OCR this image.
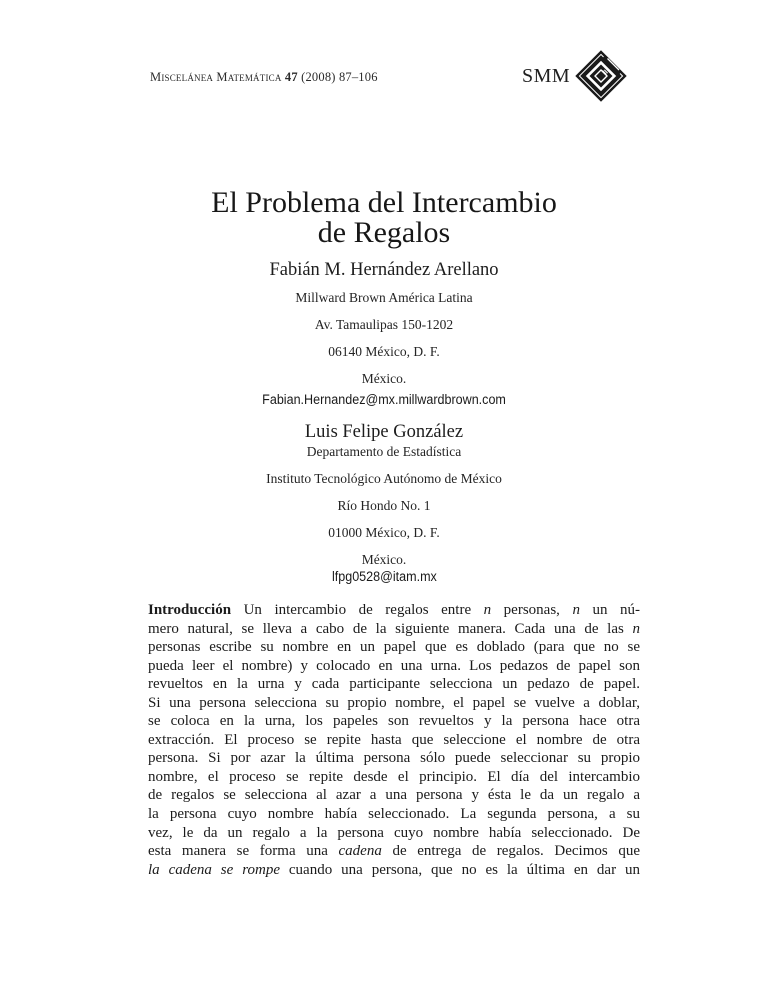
Miscelánea Matemática 47 (2008) 87–106	SMM
El Problema del Intercambio
de Regalos
Fabián M. Hernández Arellano
Millward Brown América Latina
Av. Tamaulipas 150-1202
06140 México, D. F.
México.
Fabian.Hernandez@mx.millwardbrown.com
Luis Felipe González
Departamento de Estadística
Instituto Tecnológico Autónomo de México
Río Hondo No. 1
01000 México, D. F.
México.
lfpg0528@itam.mx
Introducción Un intercambio de regalos entre n personas, n un nú-
mero natural, se lleva a cabo de la siguiente manera. Cada una de las n
personas escribe su nombre en un papel que es doblado (para que no se
pueda leer el nombre) y colocado en una urna. Los pedazos de papel son
revueltos en la urna y cada participante selecciona un pedazo de papel.
Si una persona selecciona su propio nombre, el papel se vuelve a doblar,
se coloca en la urna, los papeles son revueltos y la persona hace otra
extracción. El proceso se repite hasta que seleccione el nombre de otra
persona. Si por azar la última persona sólo puede seleccionar su propio
nombre, el proceso se repite desde el principio. El día del intercambio
de regalos se selecciona al azar a una persona y ésta le da un regalo a
la persona cuyo nombre había seleccionado. La segunda persona, a su
vez, le da un regalo a la persona cuyo nombre había seleccionado. De
esta manera se forma una cadena de entrega de regalos. Decimos que
la cadena se rompe cuando una persona, que no es la última en dar un
